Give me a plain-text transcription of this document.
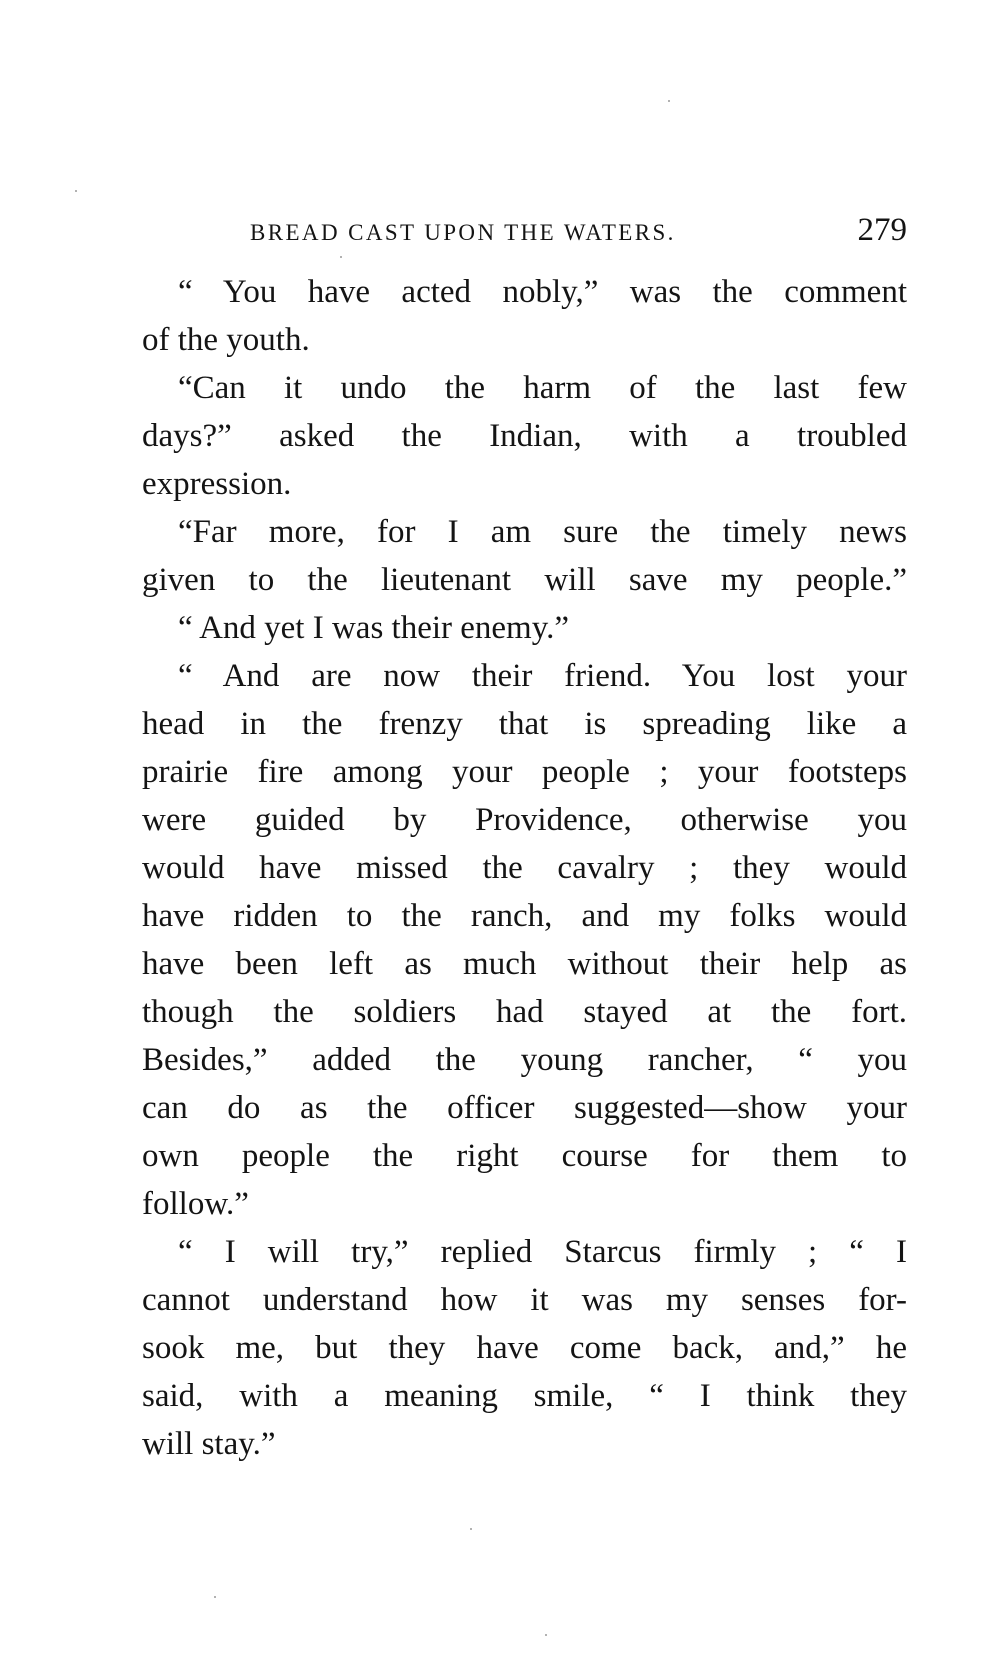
BREAD CAST UPON THE WATERS.	279
“ You have acted nobly,” was the comment
of the youth.
“Can it undo the harm of the last few
days?” asked the Indian, with a troubled
expression.
“Far more, for I am sure the timely news
given to the lieutenant will save my people.”
“ And yet I was their enemy.”
“ And are now their friend. You lost your
head in the frenzy that is spreading like a
prairie fire among your people ; your footsteps
were guided by Providence, otherwise you
would have missed the cavalry ; they would
have ridden to the ranch, and my folks would
have been left as much without their help as
though the soldiers had stayed at the fort.
Besides,” added the young rancher, “ you
can do as the officer suggested—show your
own people the right course for them to
follow.”
“ I will try,” replied Starcus firmly ; “ I
cannot understand how it was my senses for-
sook me, but they have come back, and,” he
said, with a meaning smile, “ I think they
will stay.”
